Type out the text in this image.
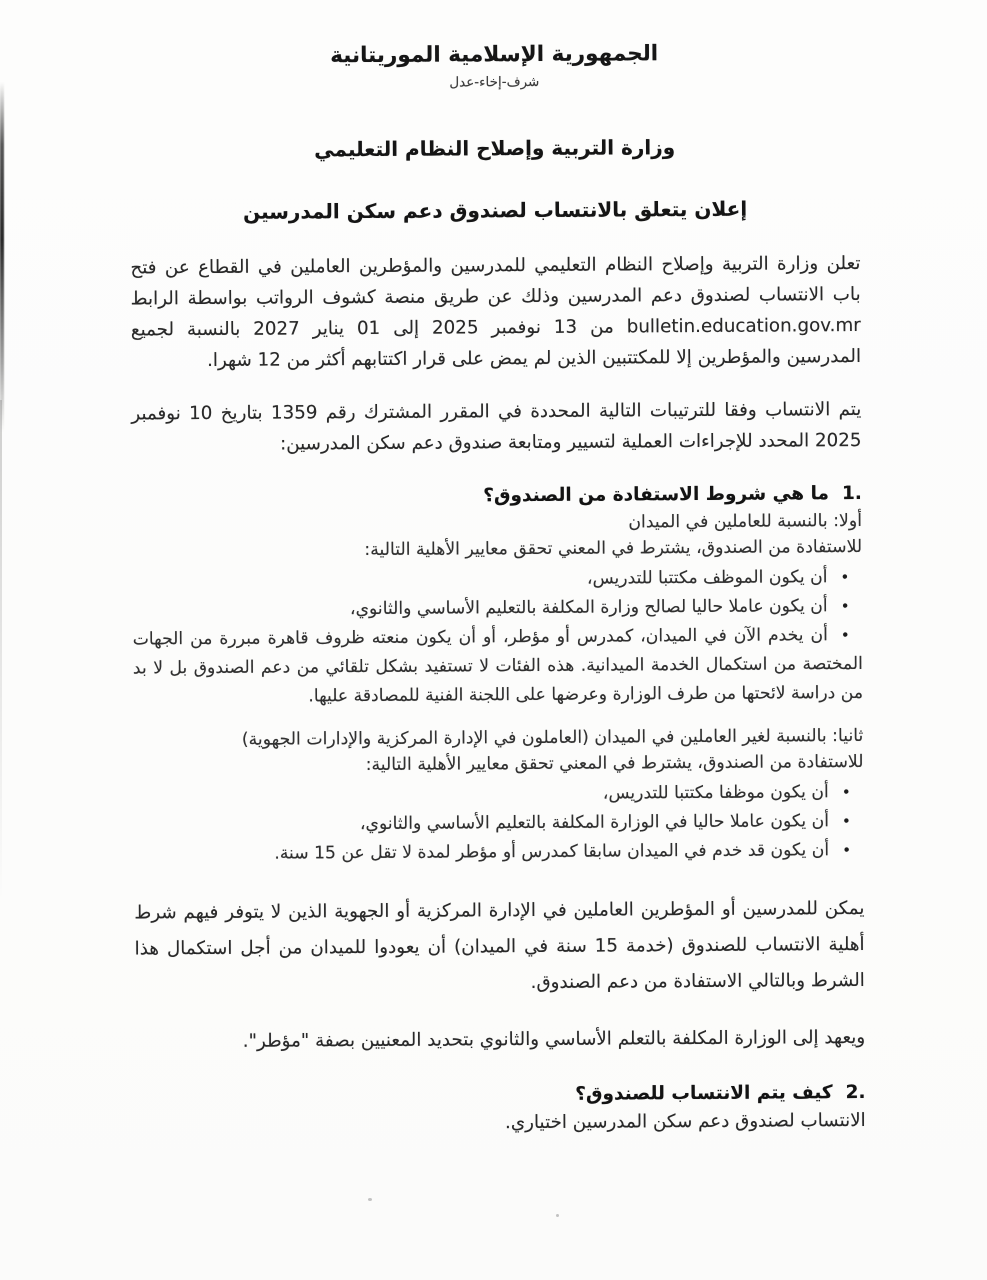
الجمهورية الإسلامية الموريتانية
شرف-إخاء-عدل
وزارة التربية وإصلاح النظام التعليمي
إعلان يتعلق بالانتساب لصندوق دعم سكن المدرسين

تعلن وزارة التربية وإصلاح النظام التعليمي للمدرسين والمؤطرين العاملين في القطاع عن فتح باب الانتساب لصندوق دعم المدرسين وذلك عن طريق منصة كشوف الرواتب بواسطة الرابط bulletin.education.gov.mr من 13 نوفمبر 2025 إلى 01 يناير 2027 بالنسبة لجميع المدرسين والمؤطرين إلا للمكتتبين الذين لم يمض على قرار اكتتابهم أكثر من 12 شهرا.

يتم الانتساب وفقا للترتيبات التالية المحددة في المقرر المشترك رقم 1359 بتاريخ 10 نوفمبر 2025 المحدد للإجراءات العملية لتسيير ومتابعة صندوق دعم سكن المدرسين:

1.ما هي شروط الاستفادة من الصندوق؟

أولا: بالنسبة للعاملين في الميدان

للاستفادة من الصندوق، يشترط في المعني تحقق معايير الأهلية التالية:

• أن يكون الموظف مكتتبا للتدريس،
• أن يكون عاملا حاليا لصالح وزارة المكلفة بالتعليم الأساسي والثانوي،
• أن يخدم الآن في الميدان، كمدرس أو مؤطر، أو أن يكون منعته ظروف قاهرة مبررة من الجهات المختصة من استكمال الخدمة الميدانية. هذه الفئات لا تستفيد بشكل تلقائي من دعم الصندوق بل لا بد من دراسة لائحتها من طرف الوزارة وعرضها على اللجنة الفنية للمصادقة عليها.

ثانيا: بالنسبة لغير العاملين في الميدان (العاملون في الإدارة المركزية والإدارات الجهوية)

للاستفادة من الصندوق، يشترط في المعني تحقق معايير الأهلية التالية:

• أن يكون موظفا مكتتبا للتدريس،
• أن يكون عاملا حاليا في الوزارة المكلفة بالتعليم الأساسي والثانوي،
• أن يكون قد خدم في الميدان سابقا كمدرس أو مؤطر لمدة لا تقل عن 15 سنة.

يمكن للمدرسين أو المؤطرين العاملين في الإدارة المركزية أو الجهوية الذين لا يتوفر فيهم شرط أهلية الانتساب للصندوق (خدمة 15 سنة في الميدان) أن يعودوا للميدان من أجل استكمال هذا الشرط وبالتالي الاستفادة من دعم الصندوق.

ويعهد إلى الوزارة المكلفة بالتعلم الأساسي والثانوي بتحديد المعنيين بصفة "مؤطر".

2.كيف يتم الانتساب للصندوق؟

الانتساب لصندوق دعم سكن المدرسين اختياري.
